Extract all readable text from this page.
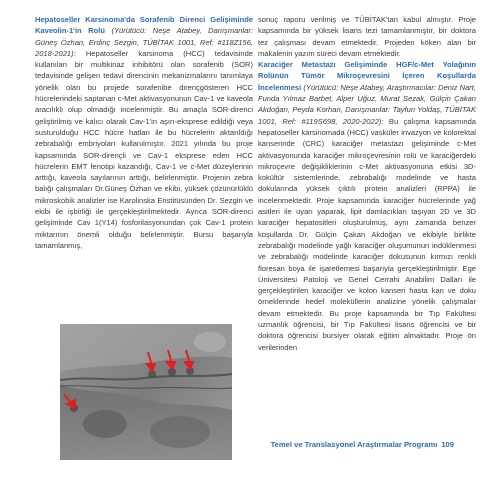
Hepatoseller Karsinoma'da Sorafenib Direnci Gelişiminde Kaveolin-1'in Rolü (Yürütücü: Neşe Atabey, Danışmanlar: Güneş Özhan, Erdinç Sezgin, TÜBİTAK 1001, Ref: #118Z156, 2018-2021): Hepatoseller karsinoma (HCC) tedavisinde kullanılan bir multikinaz inhibitörü olan sorafenib (SOR) tedavisinde gelişen tedavi direncinin mekanizmalarını tanımlaya yönelik olan bu projede sorafenibe dirençgösteren HCC hücrelerindeki saptanan c-Met aktivasyonunun Cav-1 ve kaveola aracılıklı olup olmadığı incelenmiştir. Bu amaçla SOR-direnci geliştirilmiş ve kalıcı olarak Cav-1'in aşırı-eksprese edildiği veya susturulduğu HCC hücre hatları ile bu hücrelerin aktarıldığı zebrabalığı embriyoları kullanılmıştır. 2021 yılında bu proje kapsamında SOR-dirençli ve Cav-1 eksprese eden HCC hücrelerin EMT fenotipi kazandığı, Cav-1 ve c-Met düzeylerinin arttığı, kaveola sayılarının arttığı, belirlenmiştir. Projenin zebra balığı çalışmaları Dr.Güneş Özhan ve ekibi, yüksek çözünürlüklü mikroskobik analizler ise Karolinska Enstitüsünden Dr. Sezgin ve ekibi ile işbirliği ile gerçekleştirilmektedir. Ayrıca SOR-direnci gelişiminde Cav 1(Y14) fosforilasyonundan çok Cav-1 protein miktarının önemli olduğu belirlenmiştir. Bursu başarıyla tamamlanmış,

sonuç raporu verilmiş ve TÜBİTAK'tan kabul almıştır. Proje kapsamında bir yüksek lisans tezi tamamlanmıştır, bir doktora tez çalışması devam etmektedir. Projeden köken alan bir makalenin yazım süreci devam etmektedir.

Karaciğer Metastazı Gelişiminde HGF/c-Met Yolağının Rolünün Tümör Mikroçevresini İçeren Koşullarda İncelenmesi (Yürütücü: Neşe Atabey, Araştırmacılar: Deniz Nart, Funda Yılmaz Barbet, Alper Uğuz, Murat Sezak, Gülçin Çakan Akdoğan, Peyda Korhan, Danışmanlar: Tayfun Yoldaş, TÜBİTAK 1001, Ref: #119S698, 2020-2022): Bu çalışma kapsamında hepatoseller karsinomada (HCC) vasküler invazyon ve kolorektal kanserinde (CRC) karaciğer metastazı gelişiminde c-Met aktivasyonunda karaciğer mikroçevresinin rolü ve karaciğerdeki mikroçevre değişikliklerinin c-Met aktivasyonuna etkisi 3D-kokültür sistemlerinde, zebrabalığı modelinde ve hasta dokularında yüksek çıktılı protein analizleri (RPPA) ile incelenmektedir. Proje kapsamında karaciğer hücrelerinde yağ asitleri ile uyarı yaparak, lipit damlacıkları taşıyan 2D ve 3D karaciğer hepatositleri oluşturulmuş, aynı zamanda benzer koşullarda Dr. Gülçin Çakan Akdoğan ve ekibiyle birlikte zebrabalığı modelinde yağlı karaciğer oluşumunun indüklenmesi ve zebrabalığı modelinde karaciğer dokusunun kırmızı renkli floresan boya ile işaretlemesi başarıyla gerçekleştirilmiştir. Ege Üniversitesi Patoloji ve Genel Cerrahi Anabilim Dalları ile gerçekleştirilen karaciğer ve kolon kanseri hasta kan ve doku örneklerinde hedef moleküllerin analizine yönelik çalışmalar devam etmektedir. Bu proje kapsamında bir Tıp Fakültesi uzmanlık öğrencisi, bir Tıp Fakültesi lisans öğrencisi ve bir doktora öğrencisi bursiyer olarak eğitim almaktadır. Proje ön verilerinden

Temel ve Translasyonel Araştırmalar Programı 109
